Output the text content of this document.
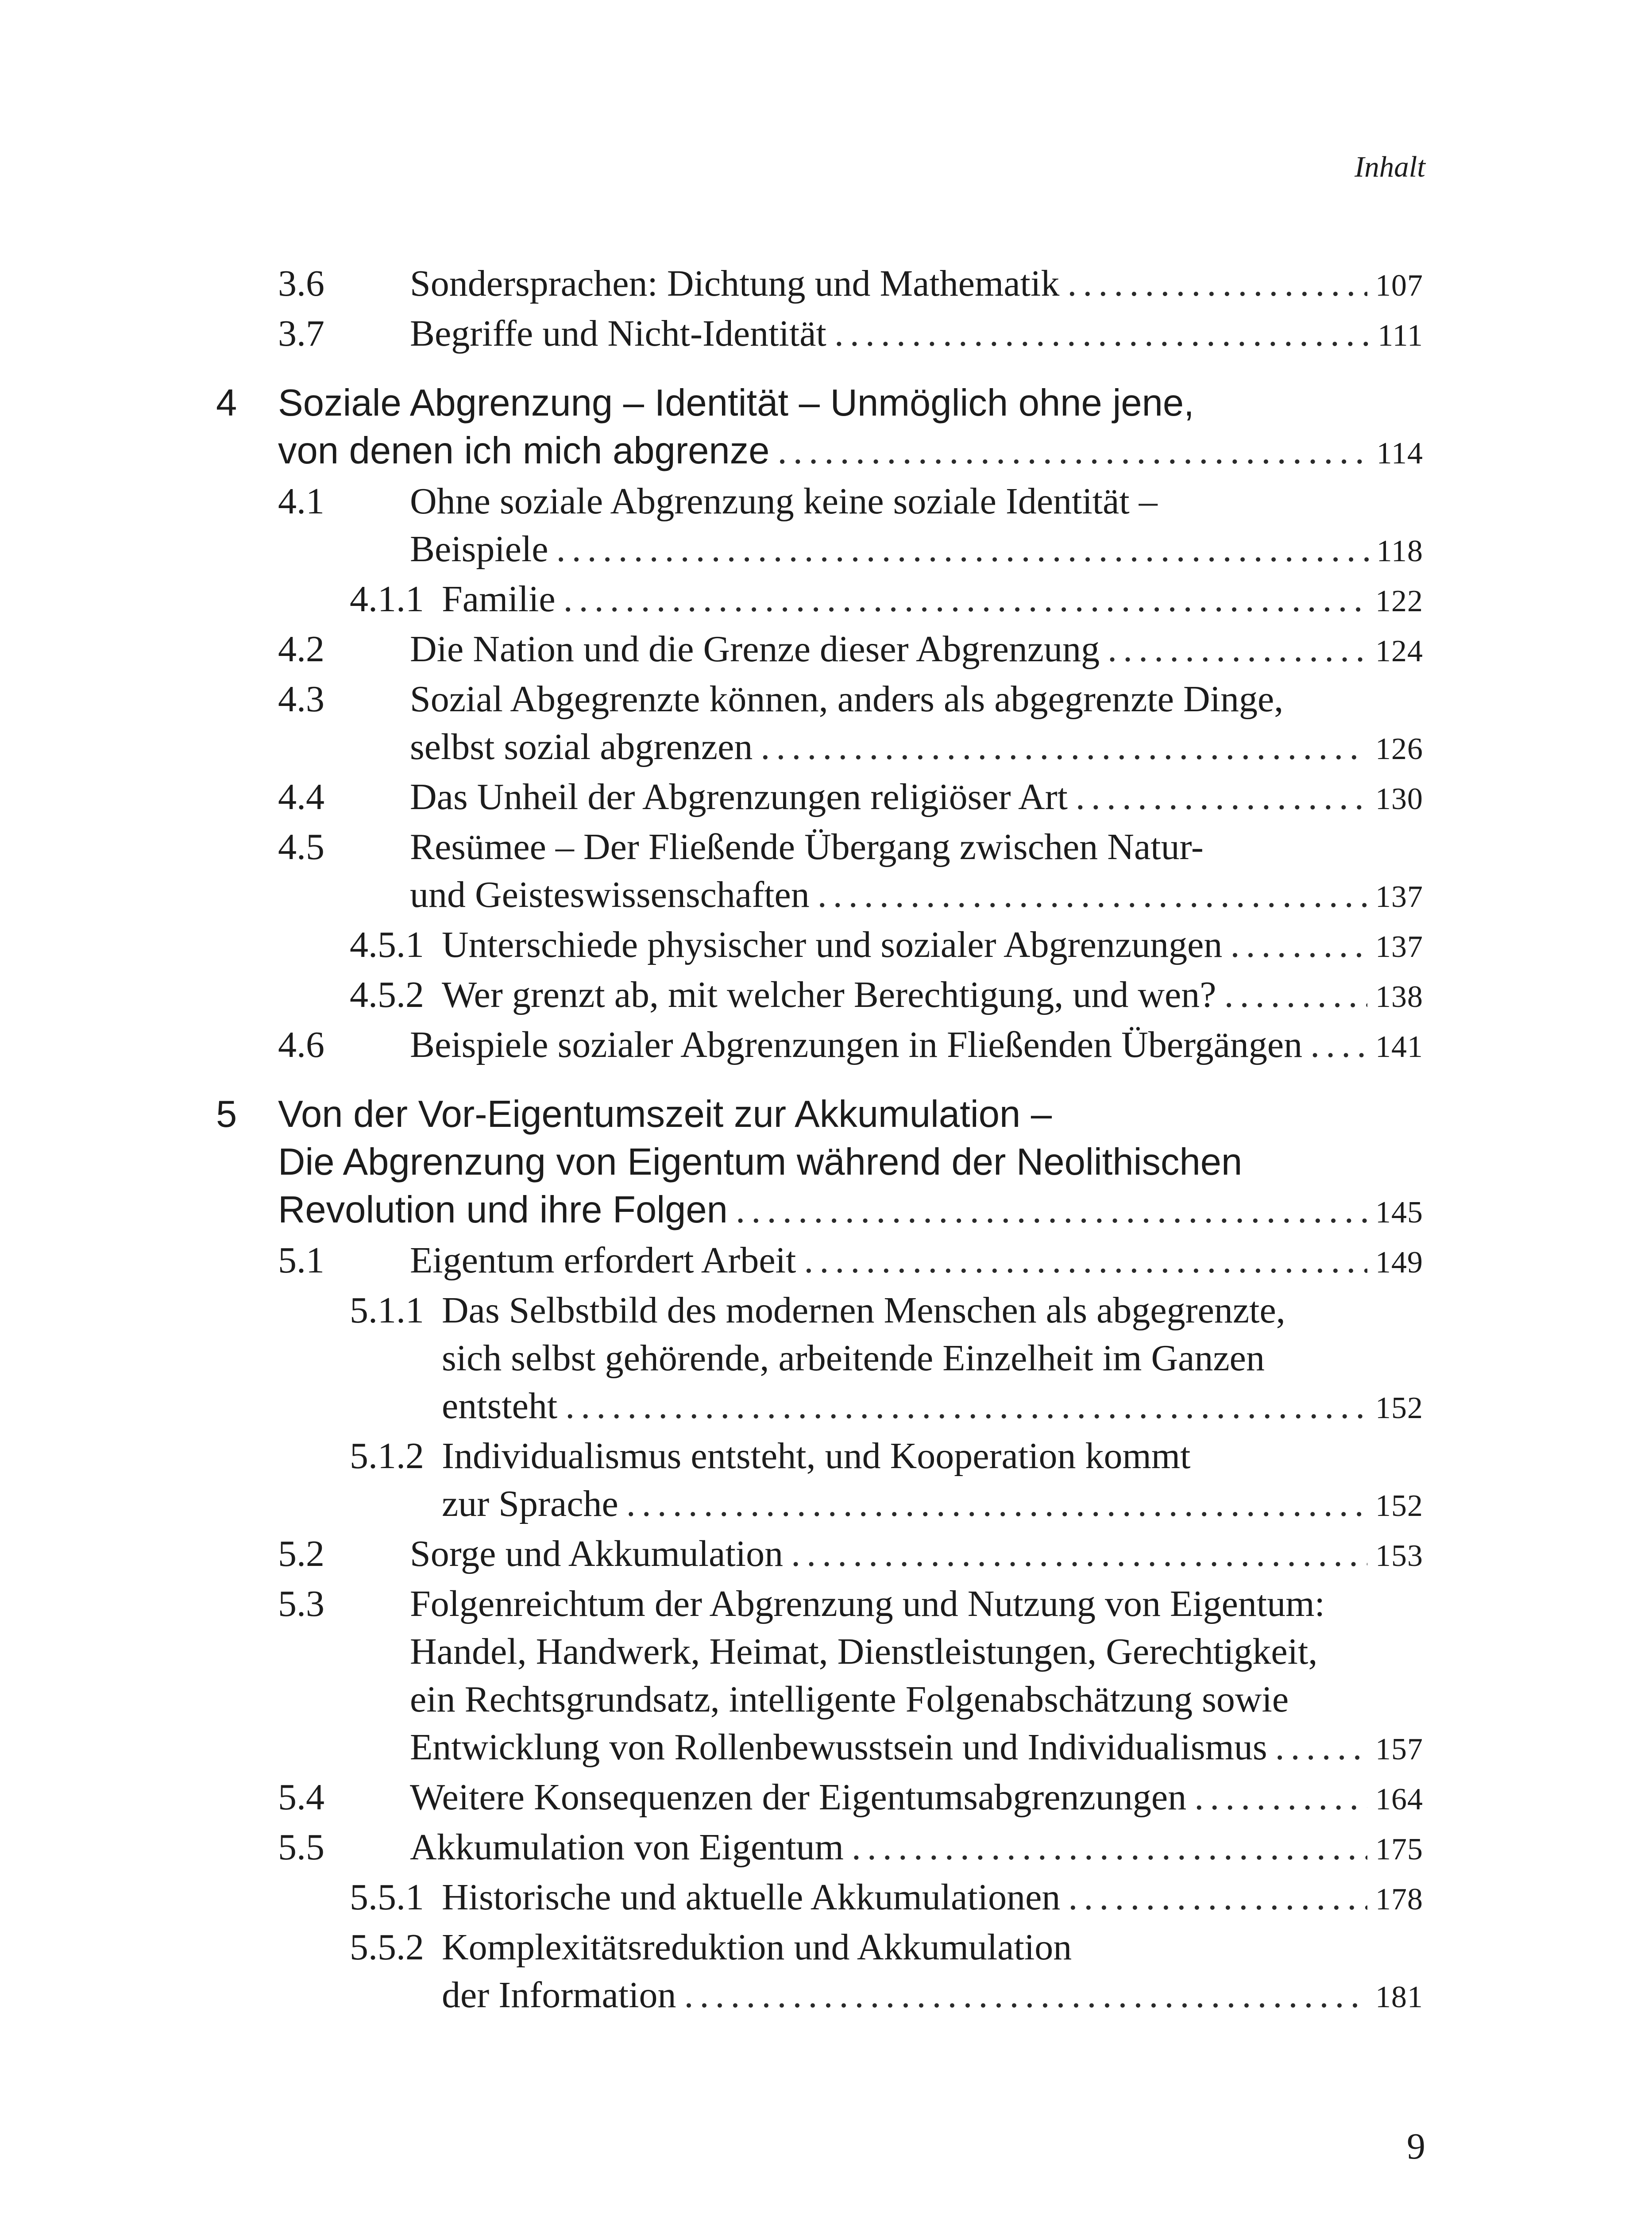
Inhalt
3.6	Sondersprachen: Dichtung und Mathematik .....	107
3.7	Begriffe und Nicht-Identität .....	111
4	Soziale Abgrenzung – Identität – Unmöglich ohne jene,
von denen ich mich abgrenze .....	114
4.1	Ohne soziale Abgrenzung keine soziale Identität –
Beispiele .....	118
4.1.1 Familie .....	122
4.2	Die Nation und die Grenze dieser Abgrenzung .....	124
4.3	Sozial Abgegrenzte können, anders als abgegrenzte Dinge,
selbst sozial abgrenzen .....	126
4.4	Das Unheil der Abgrenzungen religiöser Art .....	130
4.5	Resümee – Der Fließende Übergang zwischen Natur-
und Geisteswissenschaften .....	137
4.5.1 Unterschiede physischer und sozialer Abgrenzungen .....	137
4.5.2 Wer grenzt ab, mit welcher Berechtigung, und wen? .....	138
4.6	Beispiele sozialer Abgrenzungen in Fließenden Übergängen ..... 141
5	Von der Vor-Eigentumszeit zur Akkumulation –
Die Abgrenzung von Eigentum während der Neolithischen
Revolution und ihre Folgen .....	145
5.1	Eigentum erfordert Arbeit .....	149
5.1.1 Das Selbstbild des modernen Menschen als abgegrenzte,
sich selbst gehörende, arbeitende Einzelheit im Ganzen
entsteht .....	152
5.1.2 Individualismus entsteht, und Kooperation kommt
zur Sprache .....	152
5.2	Sorge und Akkumulation .....	153
5.3	Folgenreichtum der Abgrenzung und Nutzung von Eigentum:
Handel, Handwerk, Heimat, Dienstleistungen, Gerechtigkeit,
ein Rechtsgrundsatz, intelligente Folgenabschätzung sowie
Entwicklung von Rollenbewusstsein und Individualismus .....	157
5.4	Weitere Konsequenzen der Eigentumsabgrenzungen .....	164
5.5	Akkumulation von Eigentum .....	175
5.5.1 Historische und aktuelle Akkumulationen .....	178
5.5.2 Komplexitätsreduktion und Akkumulation
der Information .....	181
9
